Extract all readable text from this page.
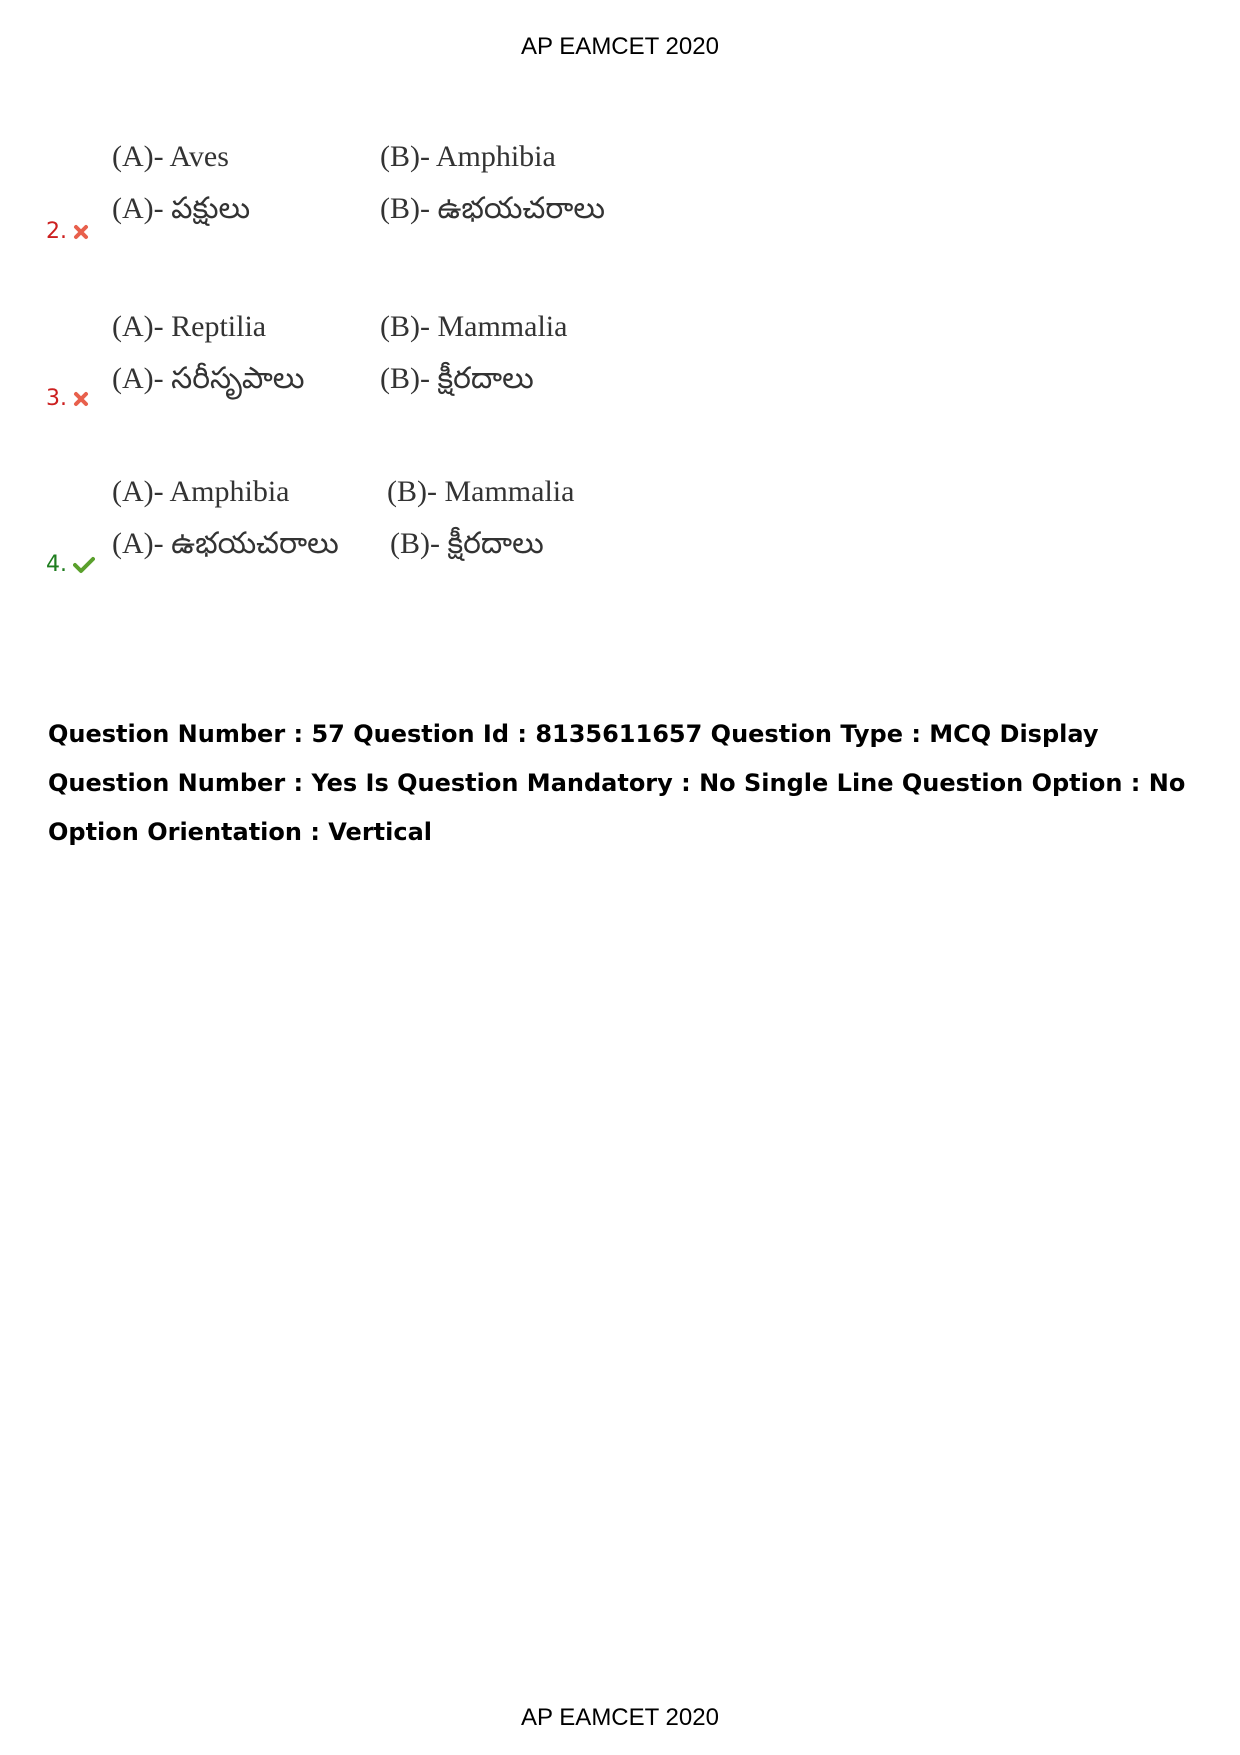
AP EAMCET 2020
(A)- Aves	(B)- Amphibia
(A)- పక్షులు	(B)- ఉభయచరాలు
2.
(A)- Reptilia	(B)- Mammalia
(A)- సరీసృపాలు	(B)- క్షీరదాలు
3.
(A)- Amphibia	(B)- Mammalia
(A)- ఉభయచరాలు (B)- క్షీరదాలు
4.
Question Number : 57 Question Id : 8135611657 Question Type : MCQ Display Question Number : Yes Is Question Mandatory : No Single Line Question Option : No Option Orientation : Vertical
AP EAMCET 2020
